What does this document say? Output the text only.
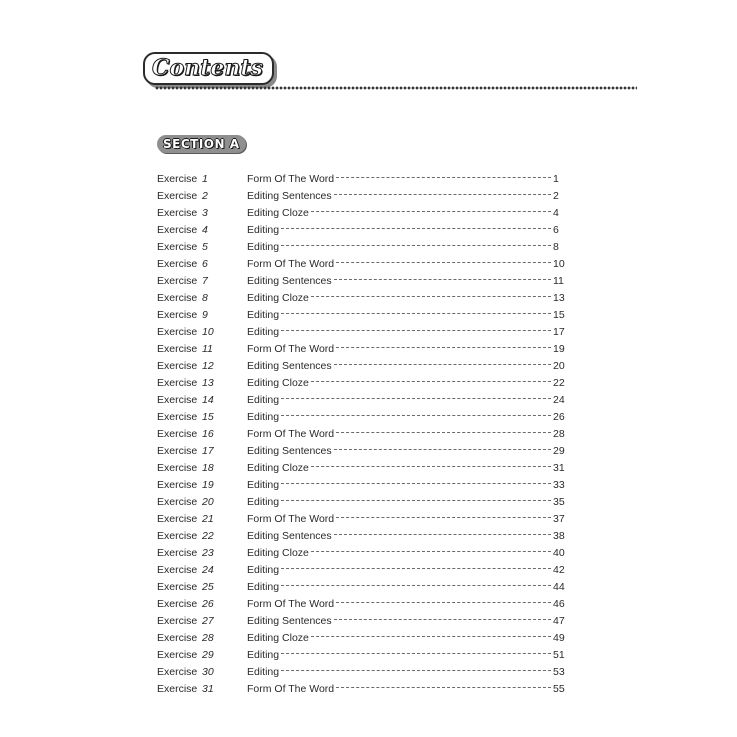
Contents
SECTION A
Exercise 1	Form Of The Word	1
Exercise 2	Editing Sentences	2
Exercise 3	Editing Cloze	4
Exercise 4	Editing	6
Exercise 5	Editing	8
Exercise 6	Form Of The Word	10
Exercise 7	Editing Sentences	11
Exercise 8	Editing Cloze	13
Exercise 9	Editing	15
Exercise 10	Editing	17
Exercise 11	Form Of The Word	19
Exercise 12	Editing Sentences	20
Exercise 13	Editing Cloze	22
Exercise 14	Editing	24
Exercise 15	Editing	26
Exercise 16	Form Of The Word	28
Exercise 17	Editing Sentences	29
Exercise 18	Editing Cloze	31
Exercise 19	Editing	33
Exercise 20	Editing	35
Exercise 21	Form Of The Word	37
Exercise 22	Editing Sentences	38
Exercise 23	Editing Cloze	40
Exercise 24	Editing	42
Exercise 25	Editing	44
Exercise 26	Form Of The Word	46
Exercise 27	Editing Sentences	47
Exercise 28	Editing Cloze	49
Exercise 29	Editing	51
Exercise 30	Editing	53
Exercise 31	Form Of The Word	55
